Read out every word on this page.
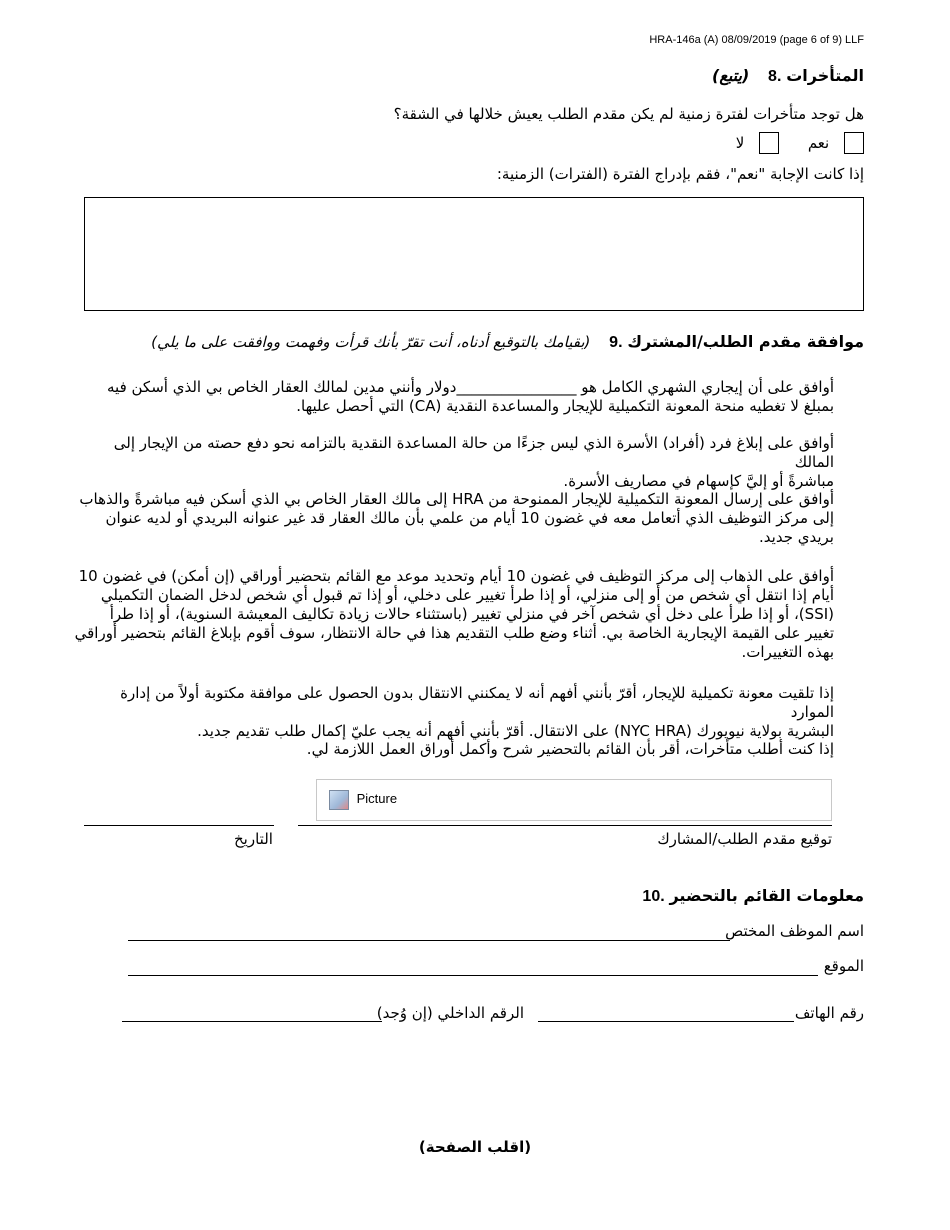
HRA-146a (A) 08/09/2019 (page 6 of 9) LLF
(يتبع) المتأخرات .8
هل توجد متأخرات لفترة زمنية لم يكن مقدم الطلب يعيش خلالها في الشقة؟
نعم  لا
إذا كانت الإجابة "نعم"، فقم بإدراج الفترة (الفترات) الزمنية:
(بقيامك بالتوقيع أدناه، أنت تقرّ بأنك قرأت وفهمت ووافقت على ما يلي) موافقة مقدم الطلب/المشترك .9
أوافق على أن إيجاري الشهري الكامل هو ________________دولار وأنني مدين لمالك العقار الخاص بي الذي أسكن فيه
بمبلغ لا تغطيه منحة المعونة التكميلية للإيجار والمساعدة النقدية (CA) التي أحصل عليها.
أوافق على إبلاغ فرد (أفراد) الأسرة الذي ليس جزءًا من حالة المساعدة النقدية بالتزامه نحو دفع حصته من الإيجار إلى المالك
مباشرةً أو إليَّ كإسهام في مصاريف الأسرة.
أوافق على إرسال المعونة التكميلية للإيجار الممنوحة من HRA إلى مالك العقار الخاص بي الذي أسكن فيه مباشرةً والذهاب
إلى مركز التوظيف الذي أتعامل معه في غضون 10 أيام من علمي بأن مالك العقار قد غير عنوانه البريدي أو لديه عنوان
بريدي جديد.
أوافق على الذهاب إلى مركز التوظيف في غضون 10 أيام وتحديد موعد مع القائم بتحضير أوراقي (إن أمكن) في غضون 10
أيام إذا انتقل أي شخص من أو إلى منزلي، أو إذا طرأ تغيير على دخلي، أو إذا تم قبول أي شخص لدخل الضمان التكميلي
(SSI)، أو إذا طرأ على دخل أي شخص آخر في منزلي تغيير (باستثناء حالات زيادة تكاليف المعيشة السنوية)، أو إذا طرأ
تغيير على القيمة الإيجارية الخاصة بي. أثناء وضع طلب التقديم هذا في حالة الانتظار، سوف أقوم بإبلاغ القائم بتحضير أوراقي
بهذه التغييرات.
إذا تلقيت معونة تكميلية للإيجار، أقرّ بأنني أفهم أنه لا يمكنني الانتقال بدون الحصول على موافقة مكتوبة أولاً من إدارة الموارد
البشرية بولاية نيويورك (NYC HRA) على الانتقال. أقرّ بأنني أفهم أنه يجب عليّ إكمال طلب تقديم جديد.
إذا كنت أطلب متأخرات، أقر بأن القائم بالتحضير شرح وأكمل أوراق العمل اللازمة لي.
Picture
توقيع مقدم الطلب/المشارك
التاريخ
معلومات القائم بالتحضير .10
اسم الموظف المختص
الموقع
رقم الهاتف
الرقم الداخلي (إن وُجد)
(اقلب الصفحة)
